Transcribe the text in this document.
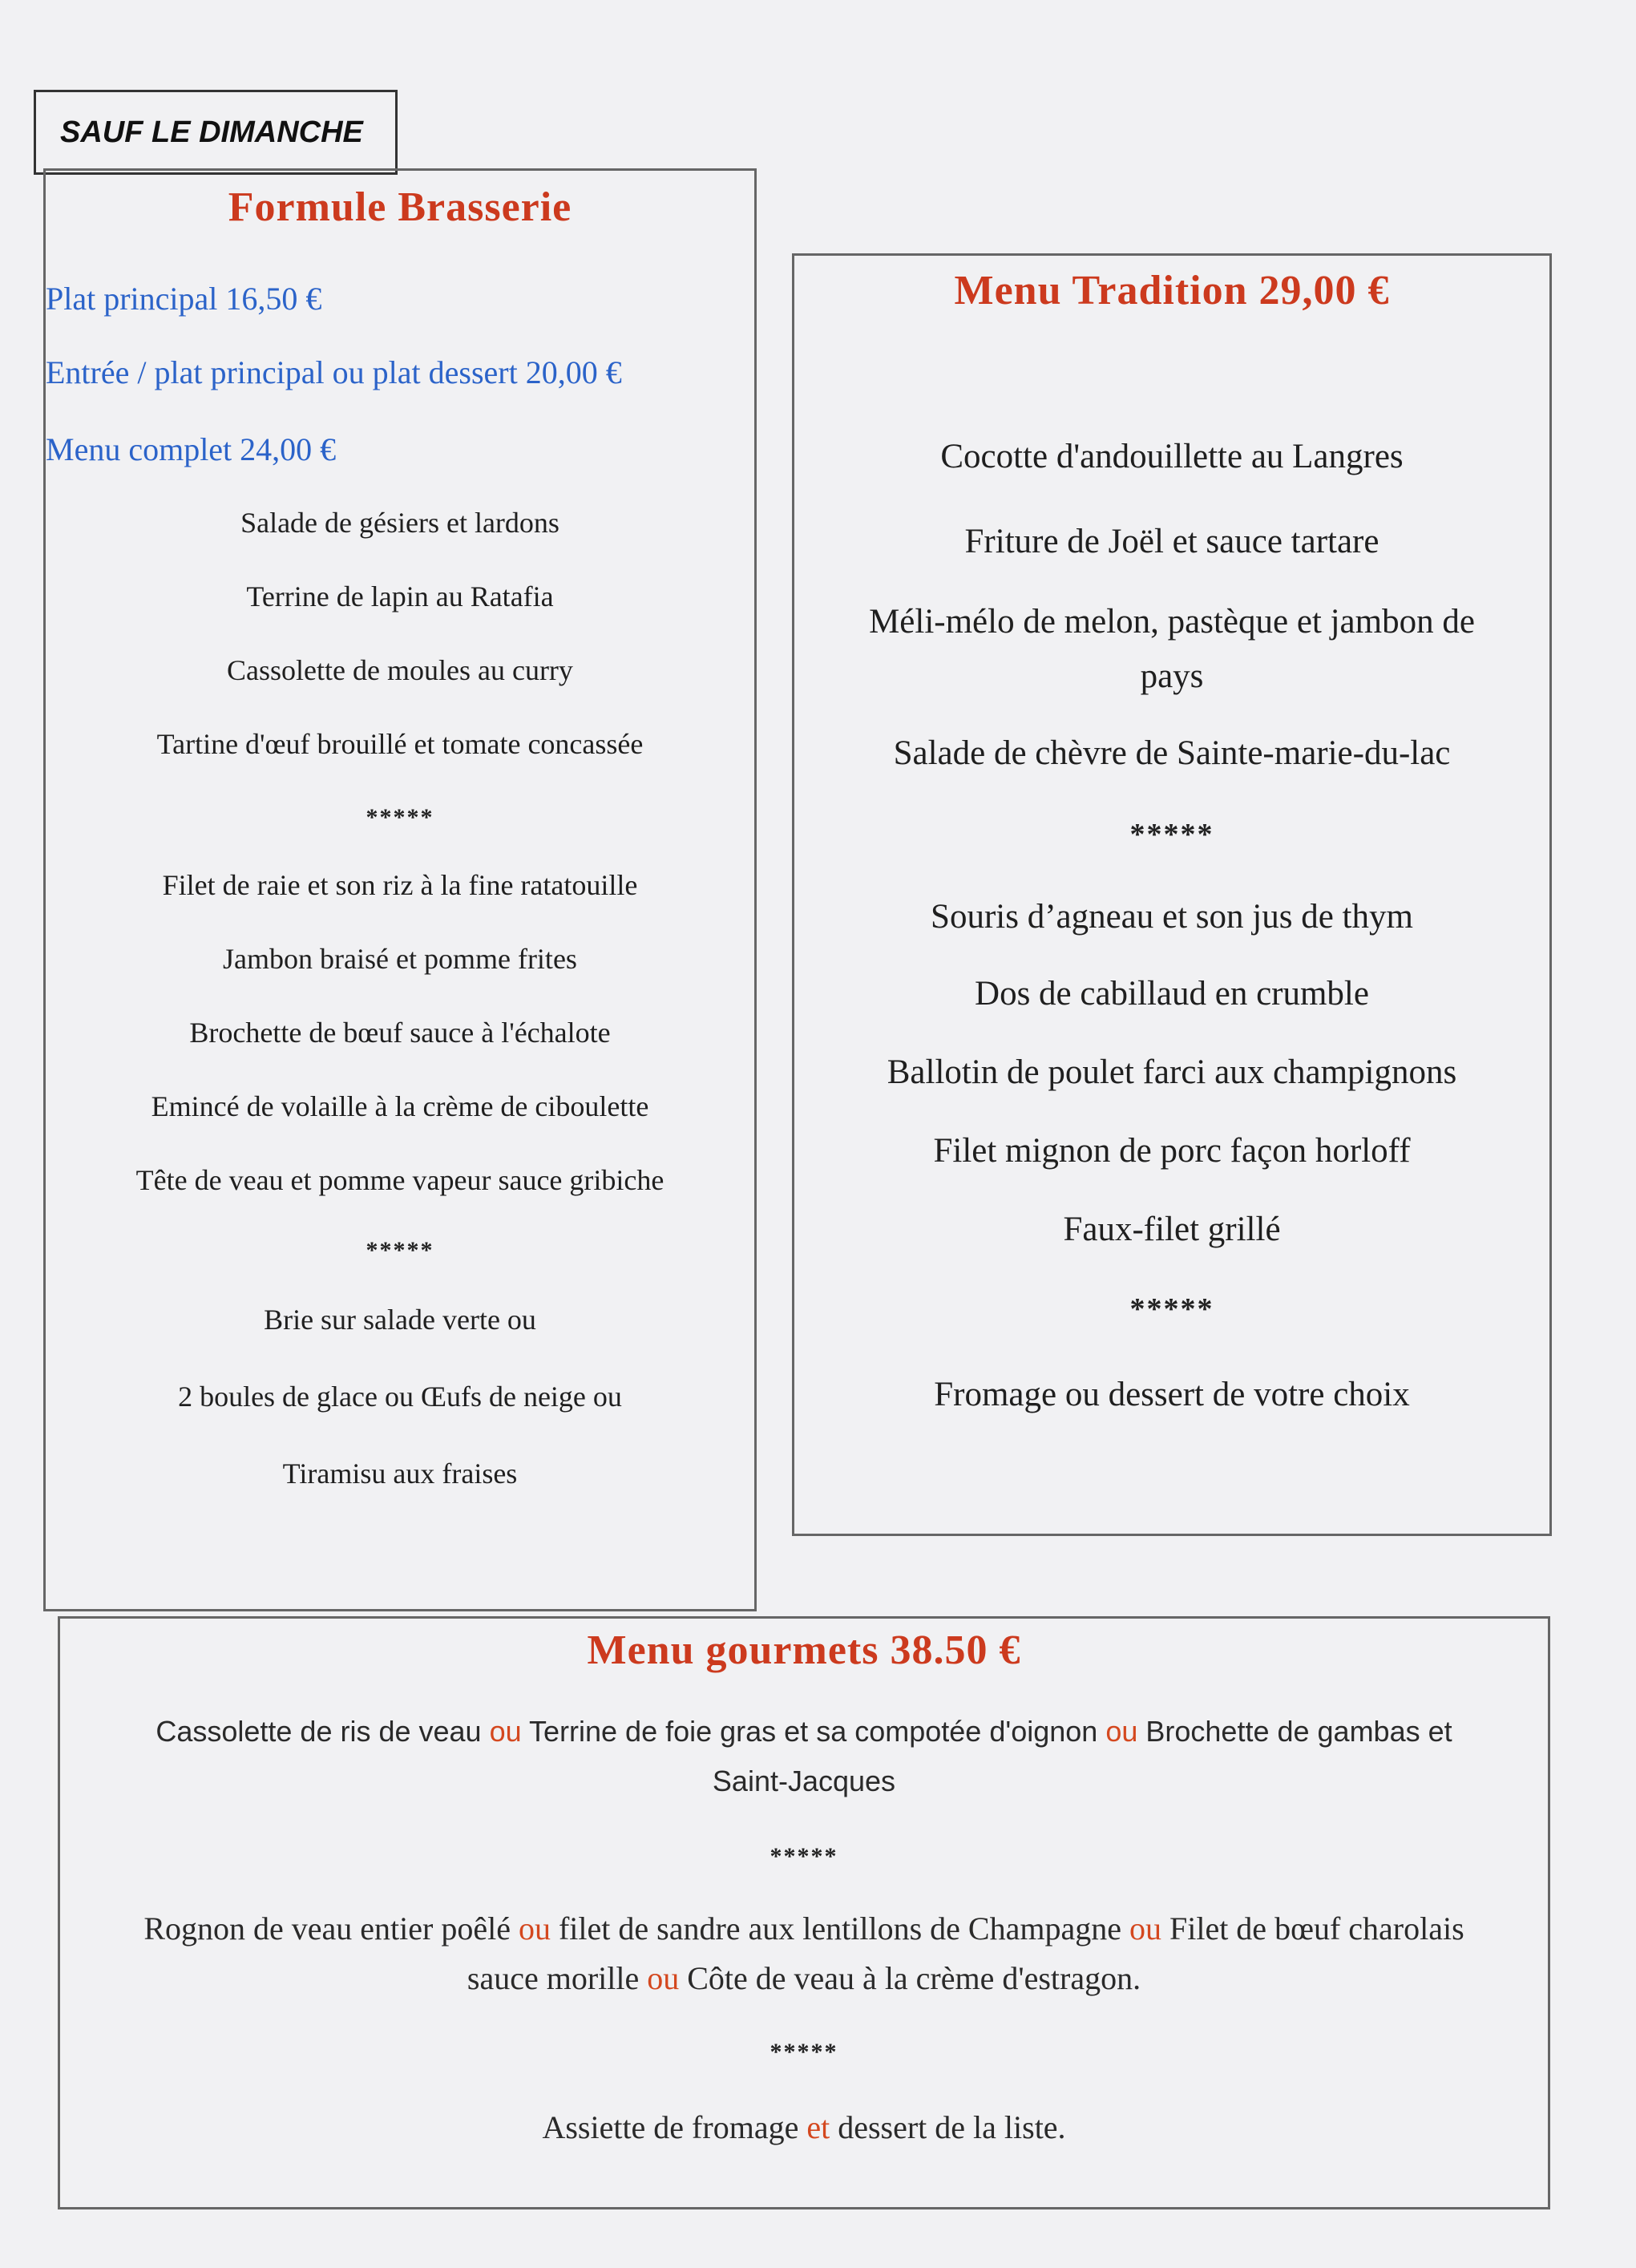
SAUF LE DIMANCHE
Formule Brasserie
Plat principal 16,50 €
Entrée / plat principal ou plat dessert 20,00 €
Menu complet 24,00 €
Salade de gésiers et lardons
Terrine de lapin au Ratafia
Cassolette de moules au curry
Tartine d'œuf brouillé et tomate concassée
*****
Filet de raie et son riz à la fine ratatouille
Jambon braisé et pomme frites
Brochette de bœuf sauce à l'échalote
Emincé de volaille à la crème de ciboulette
Tête de veau et pomme vapeur sauce gribiche
*****
Brie sur salade verte ou
2 boules de glace ou Œufs de neige ou
Tiramisu aux fraises
Menu Tradition 29,00 €
Cocotte d'andouillette au Langres
Friture de Joël et sauce tartare
Méli-mélo de melon, pastèque et jambon de
pays
Salade de chèvre de Sainte-marie-du-lac
*****
Souris d’agneau et son jus de thym
Dos de cabillaud en crumble
Ballotin de poulet farci aux champignons
Filet mignon de porc façon horloff
Faux-filet grillé
*****
Fromage ou dessert de votre choix
Menu gourmets 38.50 €
Cassolette de ris de veau ou Terrine de foie gras et sa compotée d'oignon ou Brochette de gambas et
Saint-Jacques
*****
Rognon de veau entier poêlé ou filet de sandre aux lentillons de Champagne ou Filet de bœuf charolais
sauce morille ou Côte de veau à la crème d'estragon.
*****
Assiette de fromage et dessert de la liste.
